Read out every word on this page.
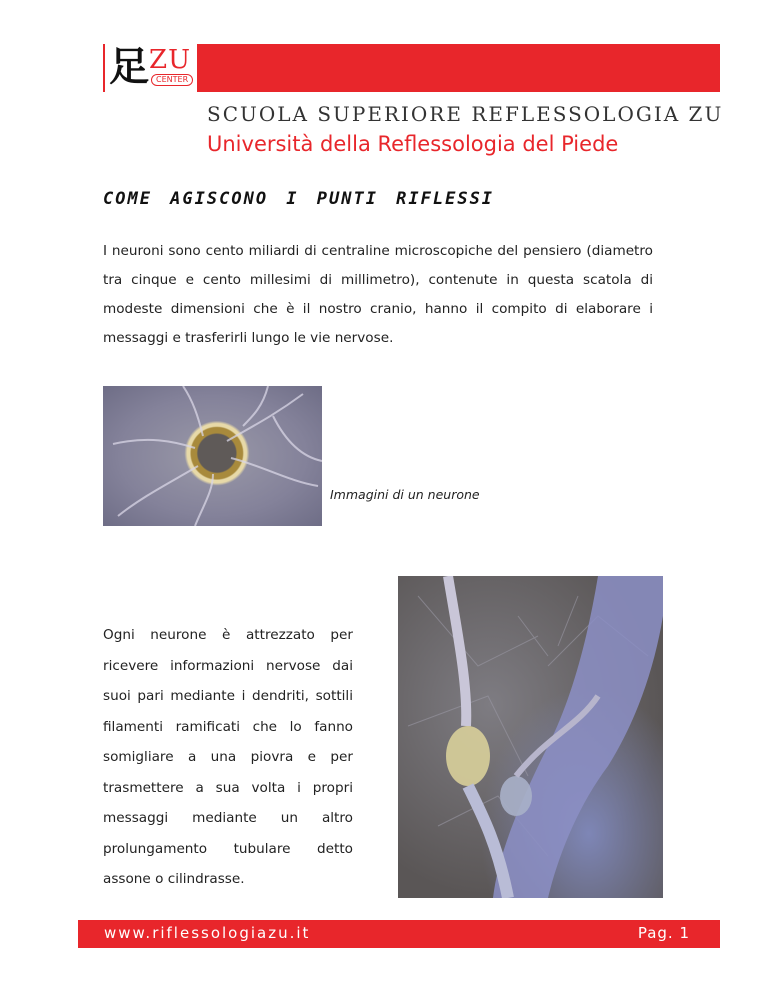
足 ZU
CENTER
SCUOLA SUPERIORE REFLESSOLOGIA ZU
Università della Reflessologia del Piede
COME AGISCONO I PUNTI RIFLESSI
I neuroni sono cento miliardi di centraline microscopiche del pensiero (diametro tra cinque e cento millesimi di millimetro), contenute in questa scatola di modeste dimensioni che è il nostro cranio, hanno il compito di elaborare i messaggi e trasferirli lungo le vie nervose.
Immagini di un neurone
Ogni neurone è attrezzato per ricevere informazioni nervose dai suoi pari mediante i dendriti, sottili filamenti ramificati che lo fanno somigliare a una piovra e per trasmettere a sua volta i propri messaggi mediante un altro prolungamento tubulare detto assone o cilindrasse.
www.riflessologiazu.it	Pag. 1
